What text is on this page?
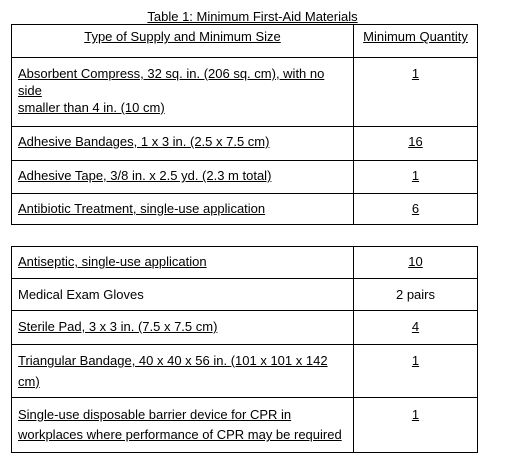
Table 1: Minimum First-Aid Materials
Type of Supply and Minimum Size	Minimum Quantity
Absorbent Compress, 32 sq. in. (206 sq. cm), with no
side
smaller than 4 in. (10 cm)	1
Adhesive Bandages, 1 x 3 in. (2.5 x 7.5 cm)	16
Adhesive Tape, 3/8 in. x 2.5 yd. (2.3 m total)	1
Antibiotic Treatment, single-use application	6
Antiseptic, single-use application	10
Medical Exam Gloves	2 pairs
Sterile Pad, 3 x 3 in. (7.5 x 7.5 cm)	4
Triangular Bandage, 40 x 40 x 56 in. (101 x 101 x 142
cm)	1
Single-use disposable barrier device for CPR in
workplaces where performance of CPR may be required	1
